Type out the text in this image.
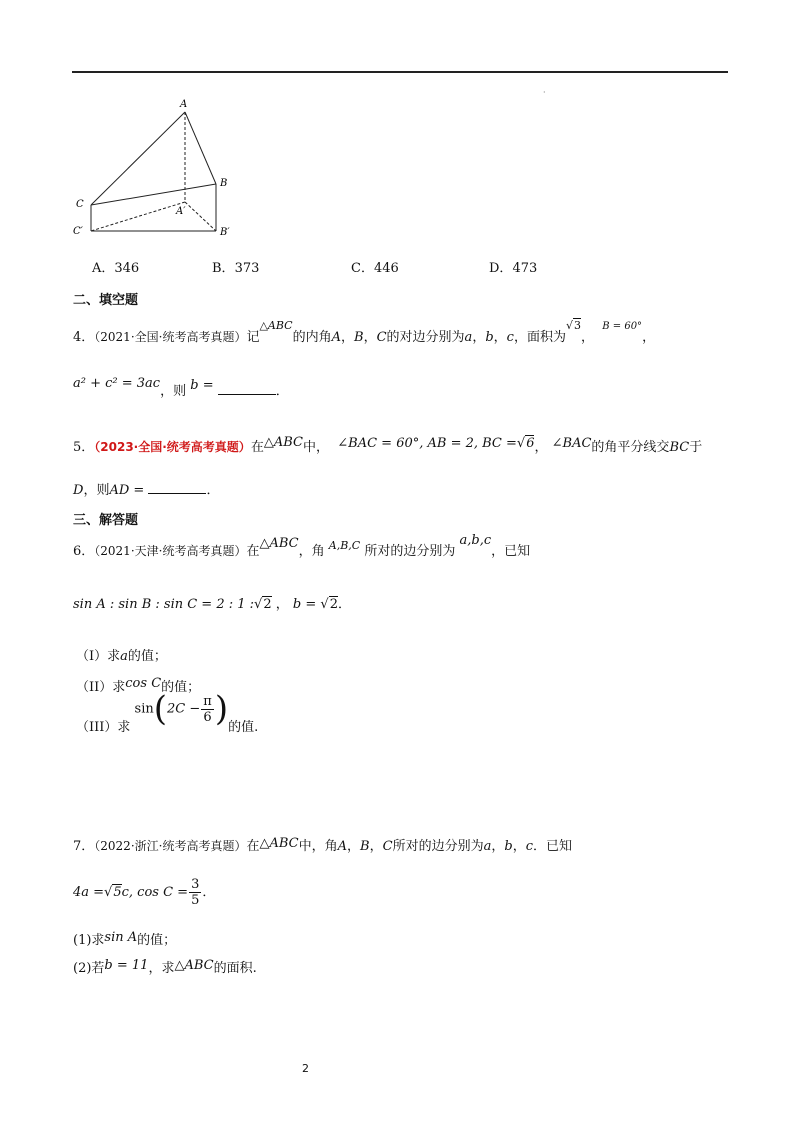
·
A
B
C
A′
B′
C′
A．346	B．373	C．446	D．473
二、填空题
4．（2021·全国·统考高考真题）记$^{\triangle ABC}$的内角A，B，C的对边分别为a，b，c，面积为$^{√3}$，  $^{B = 60^\circ}$，
a² + c² = 3ac，则 b =	．
5．（2023·全国·统考高考真题）在△ABC中， ∠BAC = 60°, AB = 2, BC =√6， ∠BAC的角平分线交BC于
D，则AD =	．
三、解答题
6．（2021·天津·统考高考真题）在△ABC，角 $^{A,B,C}$ 所对的边分别为 a,b,c，已知
sin A : sin B : sin C = 2 : 1 :√2 ， b = √2．
（I）求a的值；
（II）求cos C的值；
（III）求 $\sin(2C - \frac{\pi}{6}$ )的值.
7．（2022·浙江·统考高考真题）在△ABC中，角A，B，C所对的边分别为a，b，c．已知
4a =√5c, $\cos C = \frac{3}{5}$ ．
(1)求sin A的值；
(2)若b = 11，求△ABC的面积.
2
